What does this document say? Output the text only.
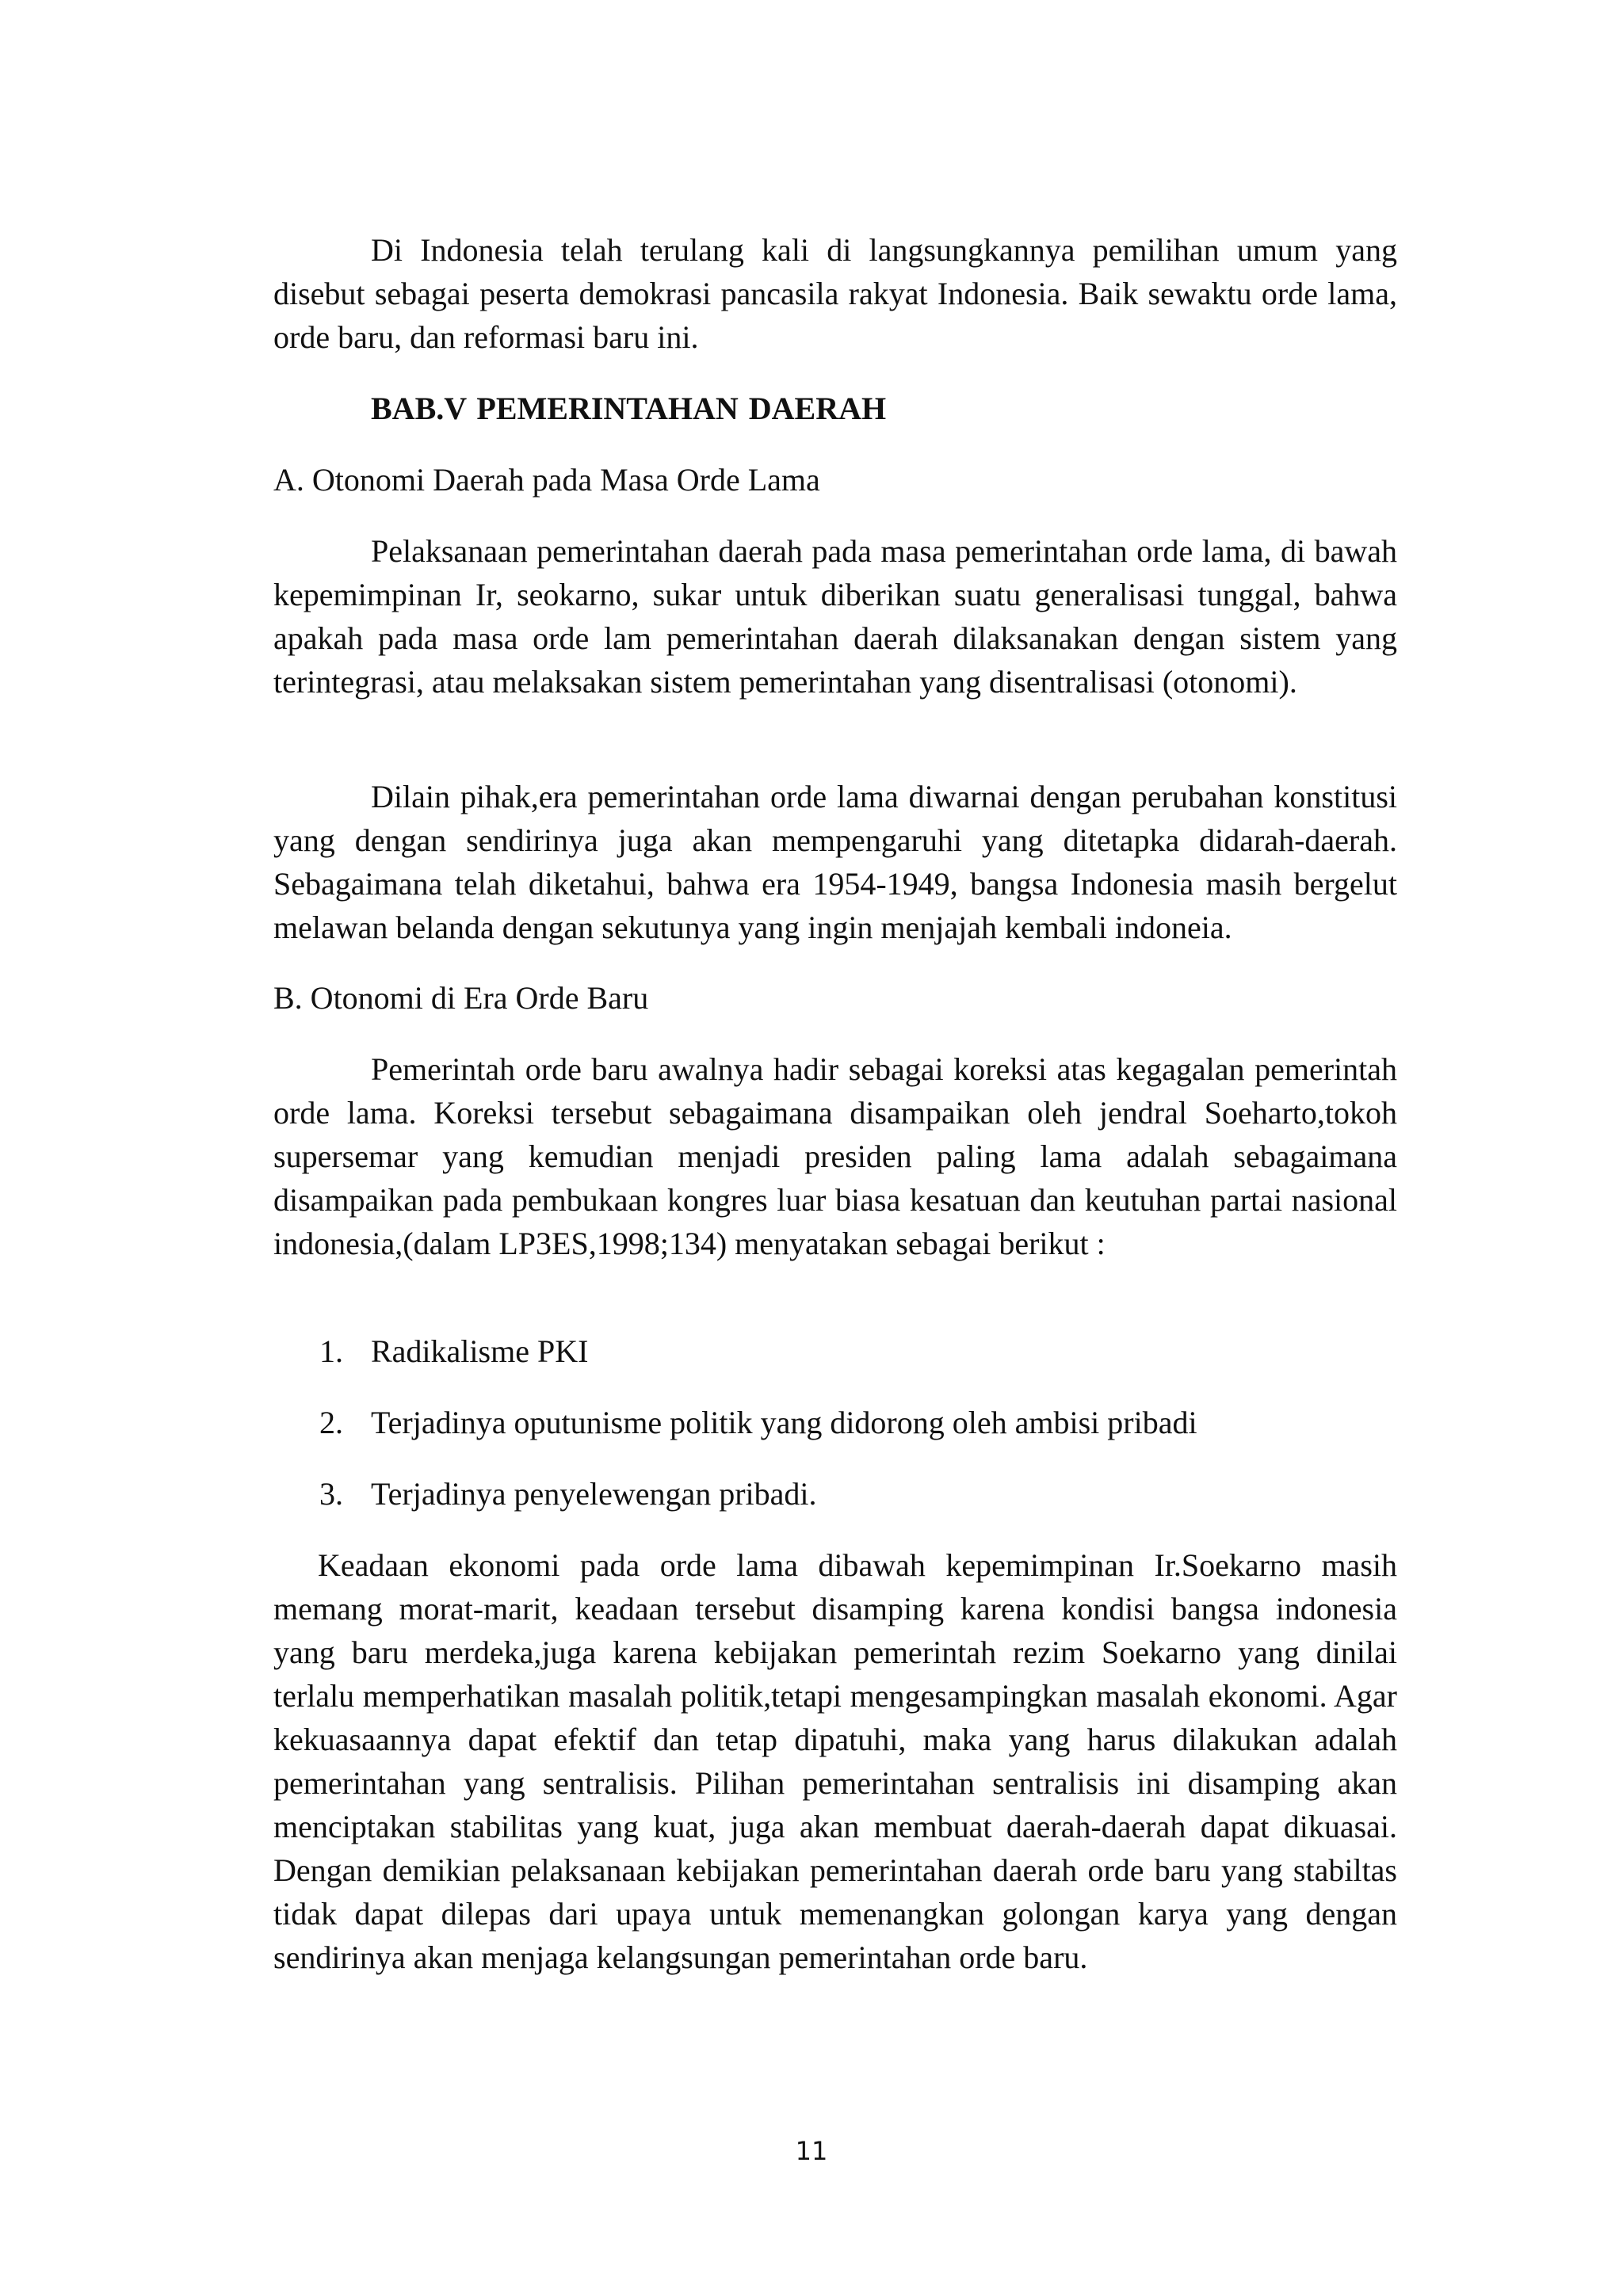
Di Indonesia telah terulang kali di langsungkannya pemilihan umum yang disebut sebagai peserta demokrasi pancasila rakyat Indonesia. Baik sewaktu orde lama, orde baru, dan reformasi baru ini.

BAB.V PEMERINTAHAN DAERAH
A. Otonomi Daerah pada Masa Orde Lama

Pelaksanaan pemerintahan daerah pada masa pemerintahan orde lama, di bawah kepemimpinan Ir, seokarno, sukar untuk diberikan suatu generalisasi tunggal, bahwa apakah pada masa orde lam pemerintahan daerah dilaksanakan dengan sistem yang terintegrasi, atau melaksakan sistem pemerintahan yang disentralisasi (otonomi).

Dilain pihak,era pemerintahan orde lama diwarnai dengan perubahan konstitusi yang dengan sendirinya juga akan mempengaruhi yang ditetapka didarah-daerah. Sebagaimana telah diketahui, bahwa era 1954-1949, bangsa Indonesia masih bergelut melawan belanda dengan sekutunya yang ingin menjajah kembali indoneia.

B. Otonomi di Era Orde Baru

Pemerintah orde baru awalnya hadir sebagai koreksi atas kegagalan pemerintah orde lama. Koreksi tersebut sebagaimana disampaikan oleh jendral Soeharto,tokoh supersemar yang kemudian menjadi presiden paling lama adalah sebagaimana disampaikan pada pembukaan kongres luar biasa kesatuan dan keutuhan partai nasional indonesia,(dalam LP3ES,1998;134) menyatakan sebagai berikut :

1. Radikalisme PKI
2. Terjadinya oputunisme politik yang didorong oleh ambisi pribadi
3. Terjadinya penyelewengan pribadi.

Keadaan ekonomi pada orde lama dibawah kepemimpinan Ir.Soekarno masih memang morat-marit, keadaan tersebut disamping karena kondisi bangsa indonesia yang baru merdeka,juga karena kebijakan pemerintah rezim Soekarno yang dinilai terlalu memperhatikan masalah politik,tetapi mengesampingkan masalah ekonomi. Agar kekuasaannya dapat efektif dan tetap dipatuhi, maka yang harus dilakukan adalah pemerintahan yang sentralisis. Pilihan pemerintahan sentralisis ini disamping akan menciptakan stabilitas yang kuat, juga akan membuat daerah-daerah dapat dikuasai. Dengan demikian pelaksanaan kebijakan pemerintahan daerah orde baru yang stabiltas tidak dapat dilepas dari upaya untuk memenangkan golongan karya yang dengan sendirinya akan menjaga kelangsungan pemerintahan orde baru.

11
